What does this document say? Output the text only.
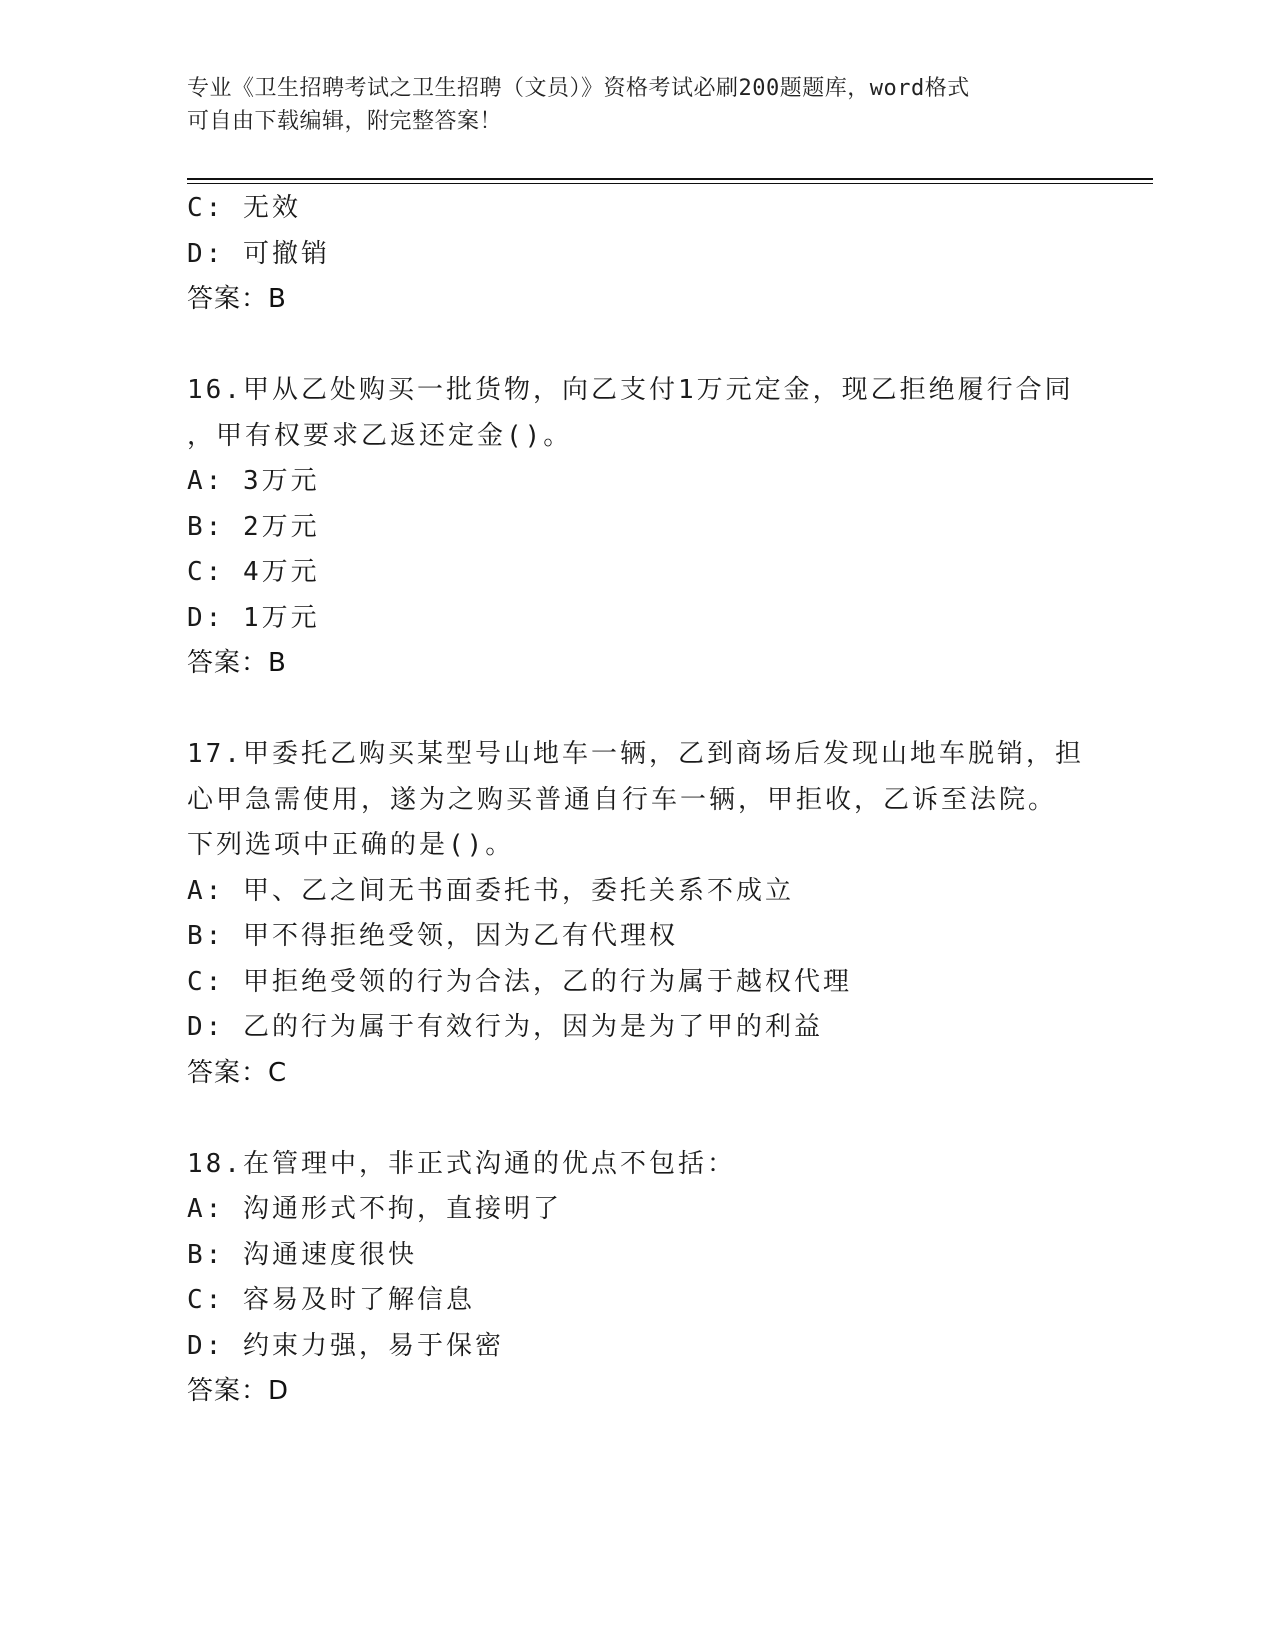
专业《卫生招聘考试之卫生招聘（文员）》资格考试必刷200题题库，word格式
可自由下载编辑，附完整答案！
C: 无效
D: 可撤销
答案：B
16.甲从乙处购买一批货物，向乙支付1万元定金，现乙拒绝履行合同
，甲有权要求乙返还定金()。
A: 3万元
B: 2万元
C: 4万元
D: 1万元
答案：B
17.甲委托乙购买某型号山地车一辆，乙到商场后发现山地车脱销，担
心甲急需使用，遂为之购买普通自行车一辆，甲拒收，乙诉至法院。
下列选项中正确的是()。
A: 甲、乙之间无书面委托书，委托关系不成立
B: 甲不得拒绝受领，因为乙有代理权
C: 甲拒绝受领的行为合法，乙的行为属于越权代理
D: 乙的行为属于有效行为，因为是为了甲的利益
答案：C
18.在管理中，非正式沟通的优点不包括：
A: 沟通形式不拘，直接明了
B: 沟通速度很快
C: 容易及时了解信息
D: 约束力强，易于保密
答案：D
